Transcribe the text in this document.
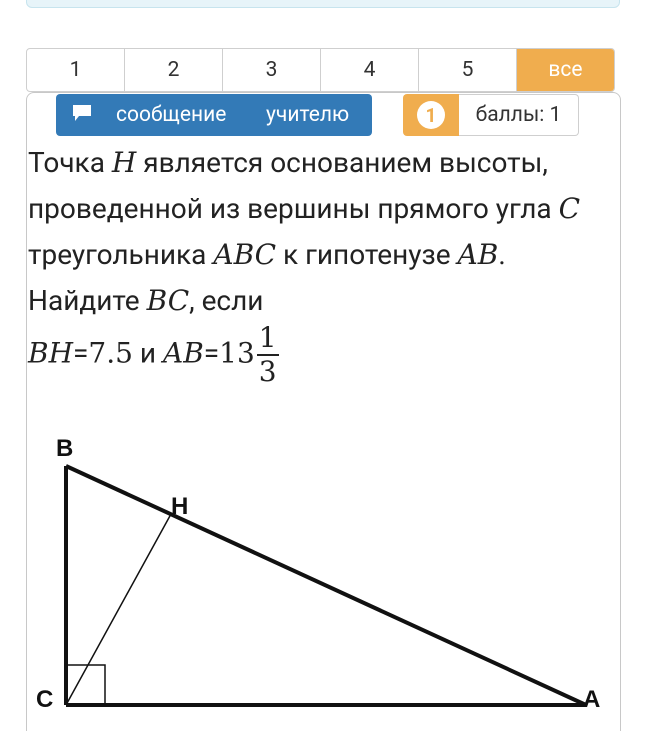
1	2	3	4	5	все
сообщение учителю	1	баллы: 1
Точка H является основанием высоты, проведенной из вершины прямого угла C треугольника ABC к гипотенузе AB. Найдите BC, если
BH=7.5 и $AB=13 \frac{1}{3}$
B
H
C	A
